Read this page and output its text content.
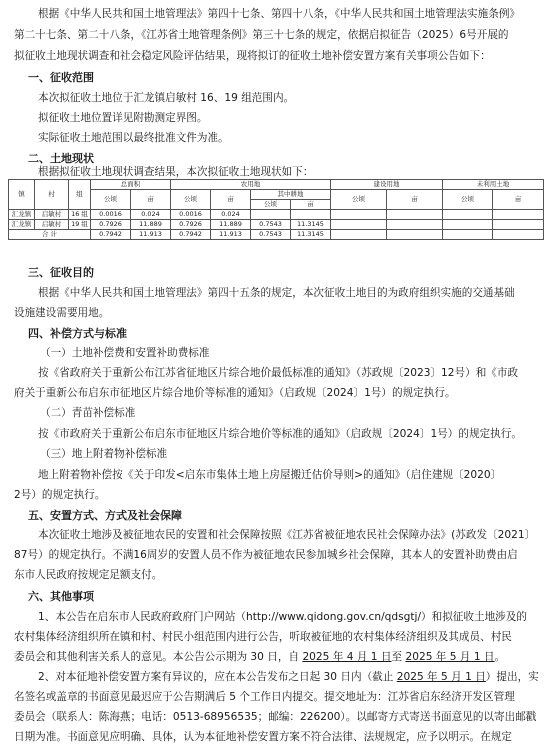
根据《中华人民共和国土地管理法》第四十七条、第四十八条，《中华人民共和国土地管理法实施条例》

第二十七条、第二十八条，《江苏省土地管理条例》第三十七条的规定，依据启拟征告（2025）6号开展的

拟征收土地现状调查和社会稳定风险评估结果，现将拟订的征收土地补偿安置方案有关事项公告如下：

一、征收范围

本次拟征收土地位于汇龙镇启敏村 16、19 组范围内。

拟征收土地位置详见附勘测定界图。

实际征收土地范围以最终批准文件为准。

二、土地现状

根据拟征收土地现状调查结果，本次拟征收土地现状如下：

镇	村	组	总面积		农用地				建设用地		未利用土地	
			公顷	亩	公顷	亩	其中耕地		公顷	亩	公顷	亩
							公顷	亩				
汇龙镇	启敏村	16 组	0.0016	0.024	0.0016	0.024						
汇龙镇	启敏村	19 组	0.7926	11.889	0.7926	11.889	0.7543	11.3145				
合 计			0.7942	11.913	0.7942	11.913	0.7543	11.3145				

三、征收目的

根据《中华人民共和国土地管理法》第四十五条的规定，本次征收土地目的为政府组织实施的交通基础

设施建设需要用地。

四、补偿方式与标准

（一）土地补偿费和安置补助费标准

按《省政府关于重新公布江苏省征地区片综合地价最低标准的通知》（苏政规〔2023〕12号）和《市政

府关于重新公布启东市征地区片综合地价等标准的通知》（启政规〔2024〕1号）的规定执行。

（二）青苗补偿标准

按《市政府关于重新公布启东市征地区片综合地价等标准的通知》（启政规〔2024〕1号）的规定执行。

（三）地上附着物补偿标准

地上附着物补偿按《关于印发<启东市集体土地上房屋搬迁估价导则>的通知》（启住建规〔2020〕

2号）的规定执行。

五、安置方式、方式及社会保障

本次征收土地涉及被征地农民的安置和社会保障按照《江苏省被征地农民社会保障办法》(苏政发〔2021〕

87号）的规定执行。不满16周岁的安置人员不作为被征地农民参加城乡社会保障，其本人的安置补助费由启

东市人民政府按规定足额支付。

六、其他事项

1、本公告在启东市人民政府政府门户网站（http://www.qidong.gov.cn/qdsgtj/）和拟征收土地涉及的

农村集体经济组织所在镇和村、村民小组范围内进行公告，听取被征地的农村集体经济组织及其成员、村民

委员会和其他利害关系人的意见。本公告公示期为 30 日，自 2025 年 4 月 1 日至 2025 年 5 月 1 日。

2、对本征地补偿安置方案有异议的，应在本公告发布之日起 30 日内（截止 2025 年 5 月 1 日）提出，实

名签名或盖章的书面意见最迟应于公告期满后 5 个工作日内提交。提交地址为：江苏省启东经济开发区管理

委员会（联系人：陈海燕；电话：0513-68956535；邮编：226200）。以邮寄方式寄送书面意见的以寄出邮戳

日期为准。书面意见应明确、具体，认为本征地补偿安置方案不符合法律、法规规定，应予以明示。在规定
